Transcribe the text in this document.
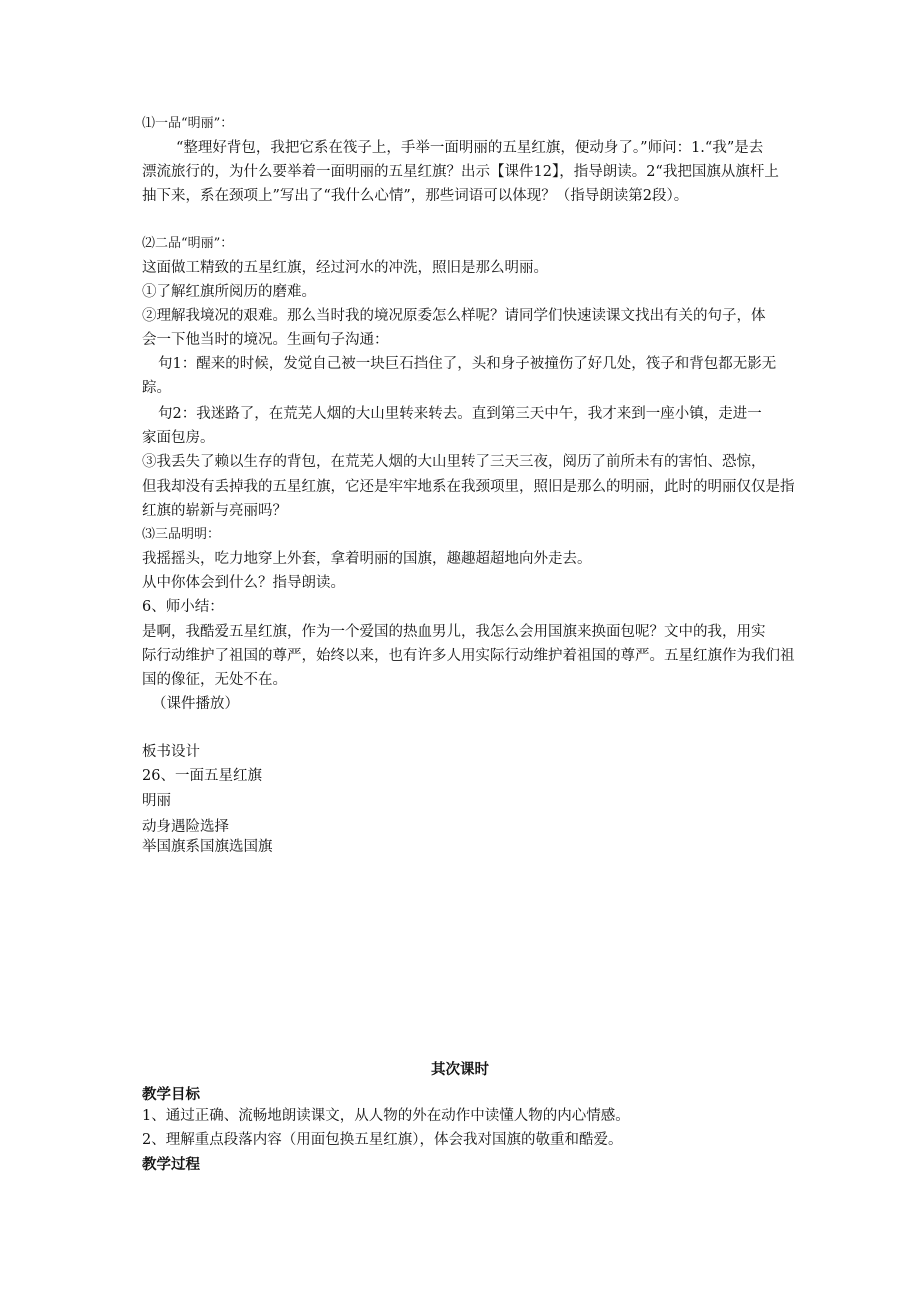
⑴一品“明丽”：
“整理好背包，我把它系在筏子上，手举一面明丽的五星红旗，便动身了。”师问：1.“我”是去
漂流旅行的，为什么要举着一面明丽的五星红旗？出示【课件12】，指导朗读。2“我把国旗从旗杆上
抽下来，系在颈项上”写出了“我什么心情”，那些词语可以体现？（指导朗读第2段）。
⑵二品“明丽”：
这面做工精致的五星红旗，经过河水的冲洗，照旧是那么明丽。
①了解红旗所阅历的磨难。
②理解我境况的艰难。那么当时我的境况原委怎么样呢？请同学们快速读课文找出有关的句子，体
会一下他当时的境况。生画句子沟通：
句1：醒来的时候，发觉自己被一块巨石挡住了，头和身子被撞伤了好几处，筏子和背包都无影无
踪。
句2：我迷路了，在荒芜人烟的大山里转来转去。直到第三天中午，我才来到一座小镇，走进一
家面包房。
③我丢失了赖以生存的背包，在荒芜人烟的大山里转了三天三夜，阅历了前所未有的害怕、恐惊，
但我却没有丢掉我的五星红旗，它还是牢牢地系在我颈项里，照旧是那么的明丽，此时的明丽仅仅是指
红旗的崭新与亮丽吗？
⑶三品明明：
我摇摇头，吃力地穿上外套，拿着明丽的国旗，趣趣超超地向外走去。
从中你体会到什么？指导朗读。
6、师小结：
是啊，我酷爱五星红旗，作为一个爱国的热血男儿，我怎么会用国旗来换面包呢？文中的我，用实
际行动维护了祖国的尊严，始终以来，也有许多人用实际行动维护着祖国的尊严。五星红旗作为我们祖
国的像征，无处不在。
（课件播放）
板书设计
26、一面五星红旗
明丽
动身遇险选择
举国旗系国旗选国旗
其次课时
教学目标
1、通过正确、流畅地朗读课文，从人物的外在动作中读懂人物的内心情感。
2、理解重点段落内容（用面包换五星红旗），体会我对国旗的敬重和酷爱。
教学过程
